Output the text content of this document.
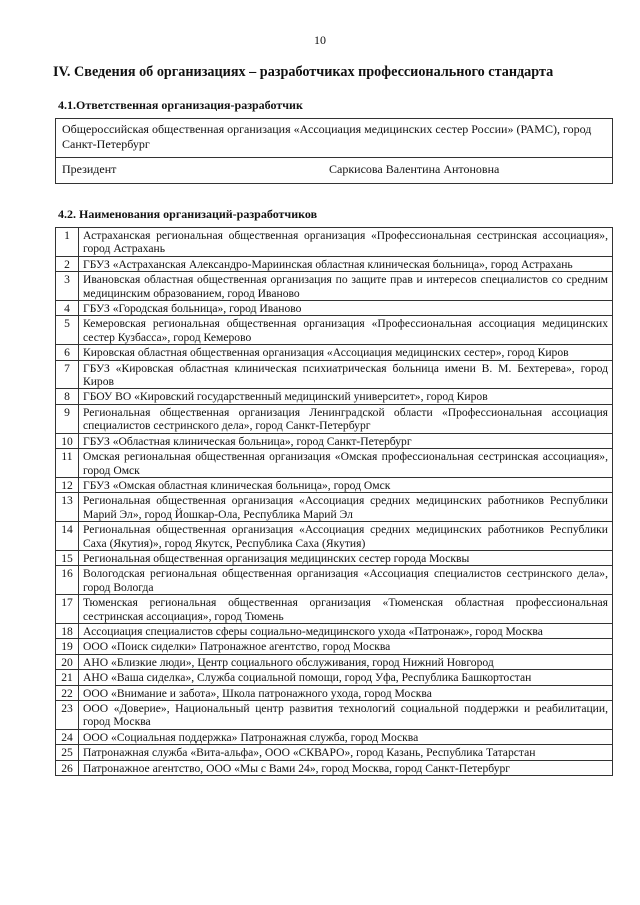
10
IV. Сведения об организациях – разработчиках профессионального стандарта
4.1.Ответственная организация-разработчик
Общероссийская общественная организация «Ассоциация медицинских сестер России» (РАМС), город Санкт-Петербург
Президент	Саркисова Валентина Антоновна
4.2. Наименования организаций-разработчиков
1	Астраханская региональная общественная организация «Профессиональная сестринская ассоциация», город Астрахань
2	ГБУЗ «Астраханская Александро-Мариинская областная клиническая больница», город Астрахань
3	Ивановская областная общественная организация по защите прав и интересов специалистов со средним медицинским образованием, город Иваново
4	ГБУЗ «Городская больница», город Иваново
5	Кемеровская региональная общественная организация «Профессиональная ассоциация медицинских сестер Кузбасса», город Кемерово
6	Кировская областная общественная организация «Ассоциация медицинских сестер», город Киров
7	ГБУЗ «Кировская областная клиническая психиатрическая больница имени В. М. Бехтерева», город Киров
8	ГБОУ ВО «Кировский государственный медицинский университет», город Киров
9	Региональная общественная организация Ленинградской области «Профессиональная ассоциация специалистов сестринского дела», город Санкт-Петербург
10	ГБУЗ «Областная клиническая больница», город Санкт-Петербург
11	Омская региональная общественная организация «Омская профессиональная сестринская ассоциация», город Омск
12	ГБУЗ «Омская областная клиническая больница», город Омск
13	Региональная общественная организация «Ассоциация средних медицинских работников Республики Марий Эл», город Йошкар-Ола, Республика Марий Эл
14	Региональная общественная организация «Ассоциация средних медицинских работников Республики Саха (Якутия)», город Якутск, Республика Саха (Якутия)
15	Региональная общественная организация медицинских сестер города Москвы
16	Вологодская региональная общественная организация «Ассоциация специалистов сестринского дела», город Вологда
17	Тюменская региональная общественная организация «Тюменская областная профессиональная сестринская ассоциация», город Тюмень
18	Ассоциация специалистов сферы социально-медицинского ухода «Патронаж», город Москва
19	ООО «Поиск сиделки» Патронажное агентство, город Москва
20	АНО «Близкие люди», Центр социального обслуживания, город Нижний Новгород
21	АНО «Ваша сиделка», Служба социальной помощи, город Уфа, Республика Башкортостан
22	ООО «Внимание и забота», Школа патронажного ухода, город Москва
23	ООО «Доверие», Национальный центр развития технологий социальной поддержки и реабилитации, город Москва
24	ООО «Социальная поддержка» Патронажная служба, город Москва
25	Патронажная служба «Вита-альфа», ООО «СКВАРО», город Казань, Республика Татарстан
26	Патронажное агентство, ООО «Мы с Вами 24», город Москва, город Санкт-Петербург
